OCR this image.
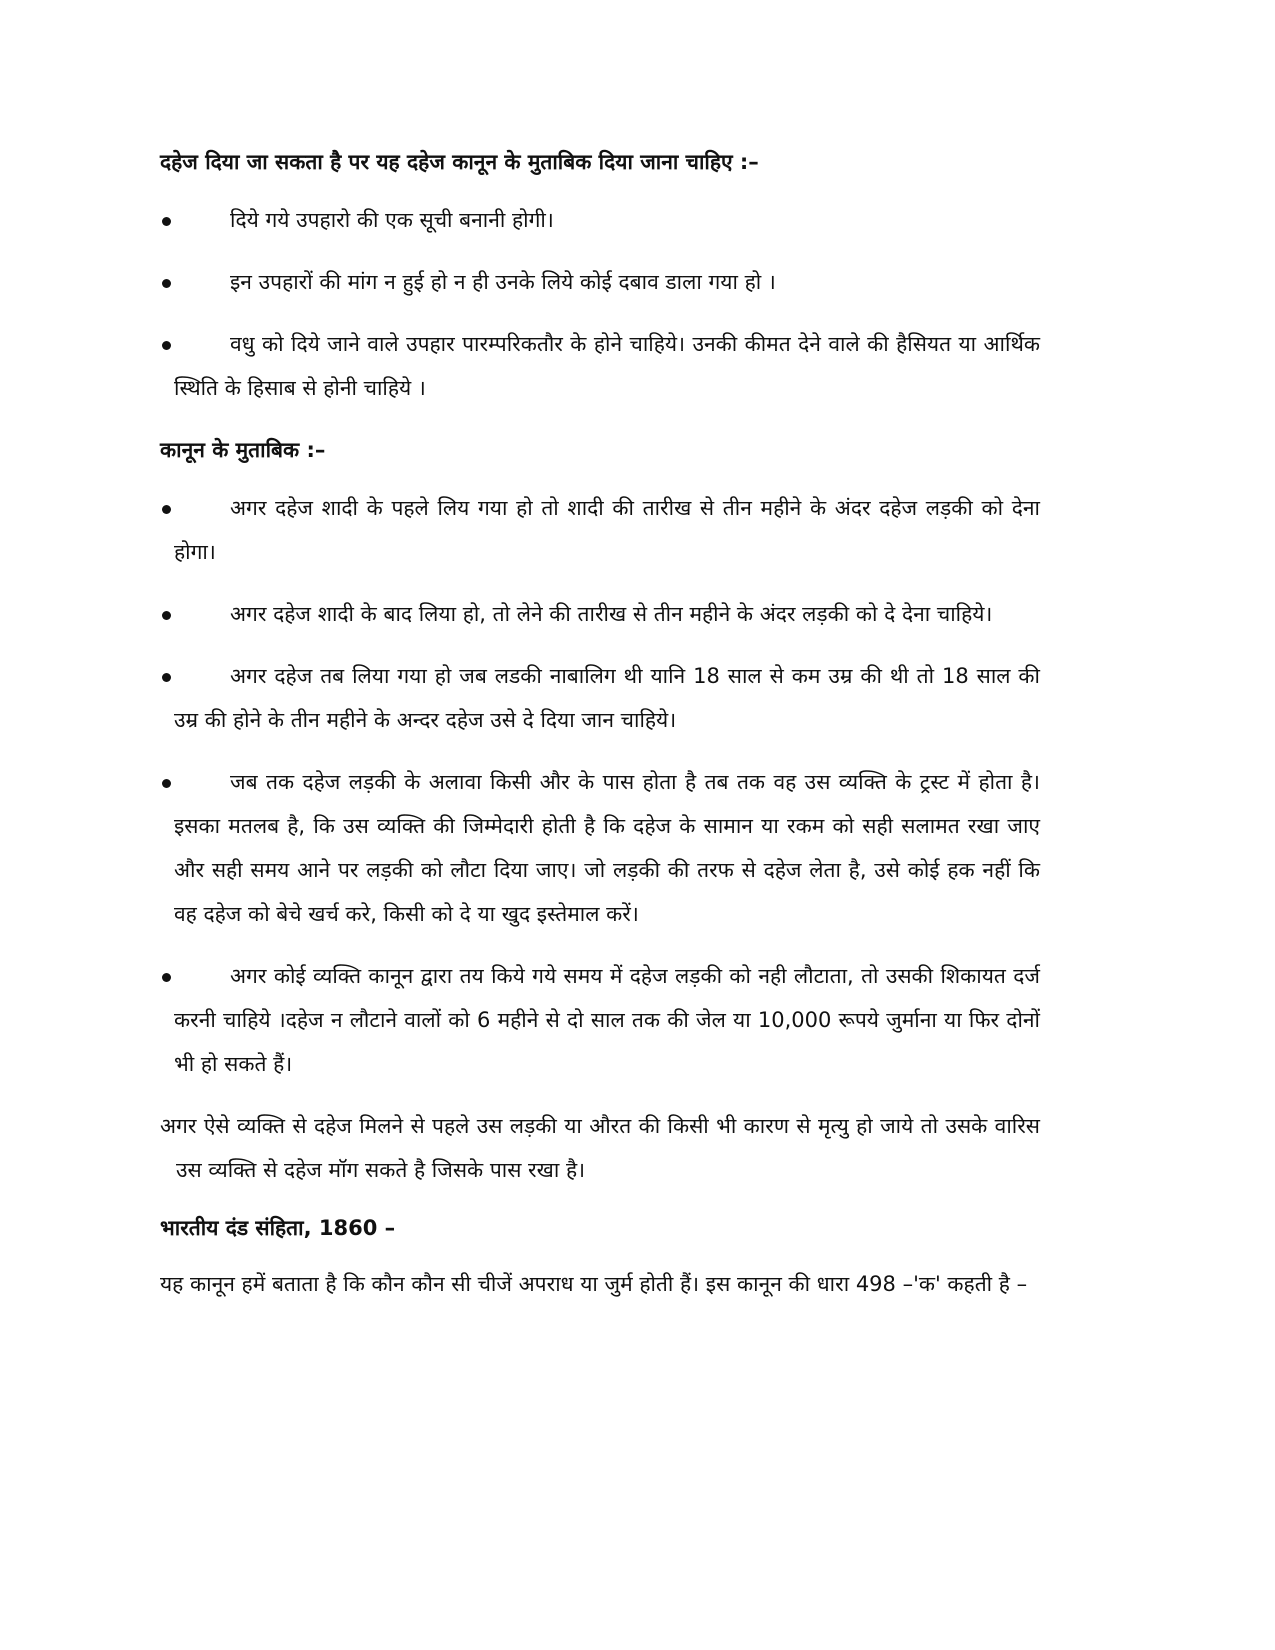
दहेज दिया जा सकता है पर यह दहेज कानून के मुताबिक दिया जाना चाहिए :–

दिये गये उपहारो की एक सूची बनानी होगी।
इन उपहारों की मांग न हुई हो न ही उनके लिये कोई दबाव डाला गया हो ।
वधु को दिये जाने वाले उपहार पारम्परिकतौर के होने चाहिये। उनकी कीमत देने वाले की हैसियत या आर्थिक स्थिति के हिसाब से होनी चाहिये ।

कानून के मुताबिक :–

अगर दहेज शादी के पहले लिय गया हो तो शादी की तारीख से तीन महीने के अंदर दहेज लड़की को देना होगा।
अगर दहेज शादी के बाद लिया हो, तो लेने की तारीख से तीन महीने के अंदर लड़की को दे देना चाहिये।
अगर दहेज तब लिया गया हो जब लडकी नाबालिग थी यानि 18 साल से कम उम्र की थी तो 18 साल की उम्र की होने के तीन महीने के अन्दर दहेज उसे दे दिया जान चाहिये।
जब तक दहेज लड़की के अलावा किसी और के पास होता है तब तक वह उस व्यक्ति के ट्रस्ट में होता है। इसका मतलब है, कि उस व्यक्ति की जिम्मेदारी होती है कि दहेज के सामान या रकम को सही सलामत रखा जाए और सही समय आने पर लड़की को लौटा दिया जाए। जो लड़की की तरफ से दहेज लेता है, उसे कोई हक नहीं कि वह दहेज को बेचे खर्च करे, किसी को दे या खुद इस्तेमाल करें।
अगर कोई व्यक्ति कानून द्वारा तय किये गये समय में दहेज लड़की को नही लौटाता, तो उसकी शिकायत दर्ज करनी चाहिये ।दहेज न लौटाने वालों को 6 महीने से दो साल तक की जेल या 10,000 रूपये जुर्माना या फिर दोनों भी हो सकते हैं।

अगर ऐसे व्यक्ति से दहेज मिलने से पहले उस लड़की या औरत की किसी भी कारण से मृत्यु हो जाये तो उसके वारिस उस व्यक्ति से दहेज मॉग सकते है जिसके पास रखा है।

भारतीय दंड संहिता, 1860 –

यह कानून हमें बताता है कि कौन कौन सी चीजें अपराध या जुर्म होती हैं। इस कानून की धारा 498 –'क' कहती है –
